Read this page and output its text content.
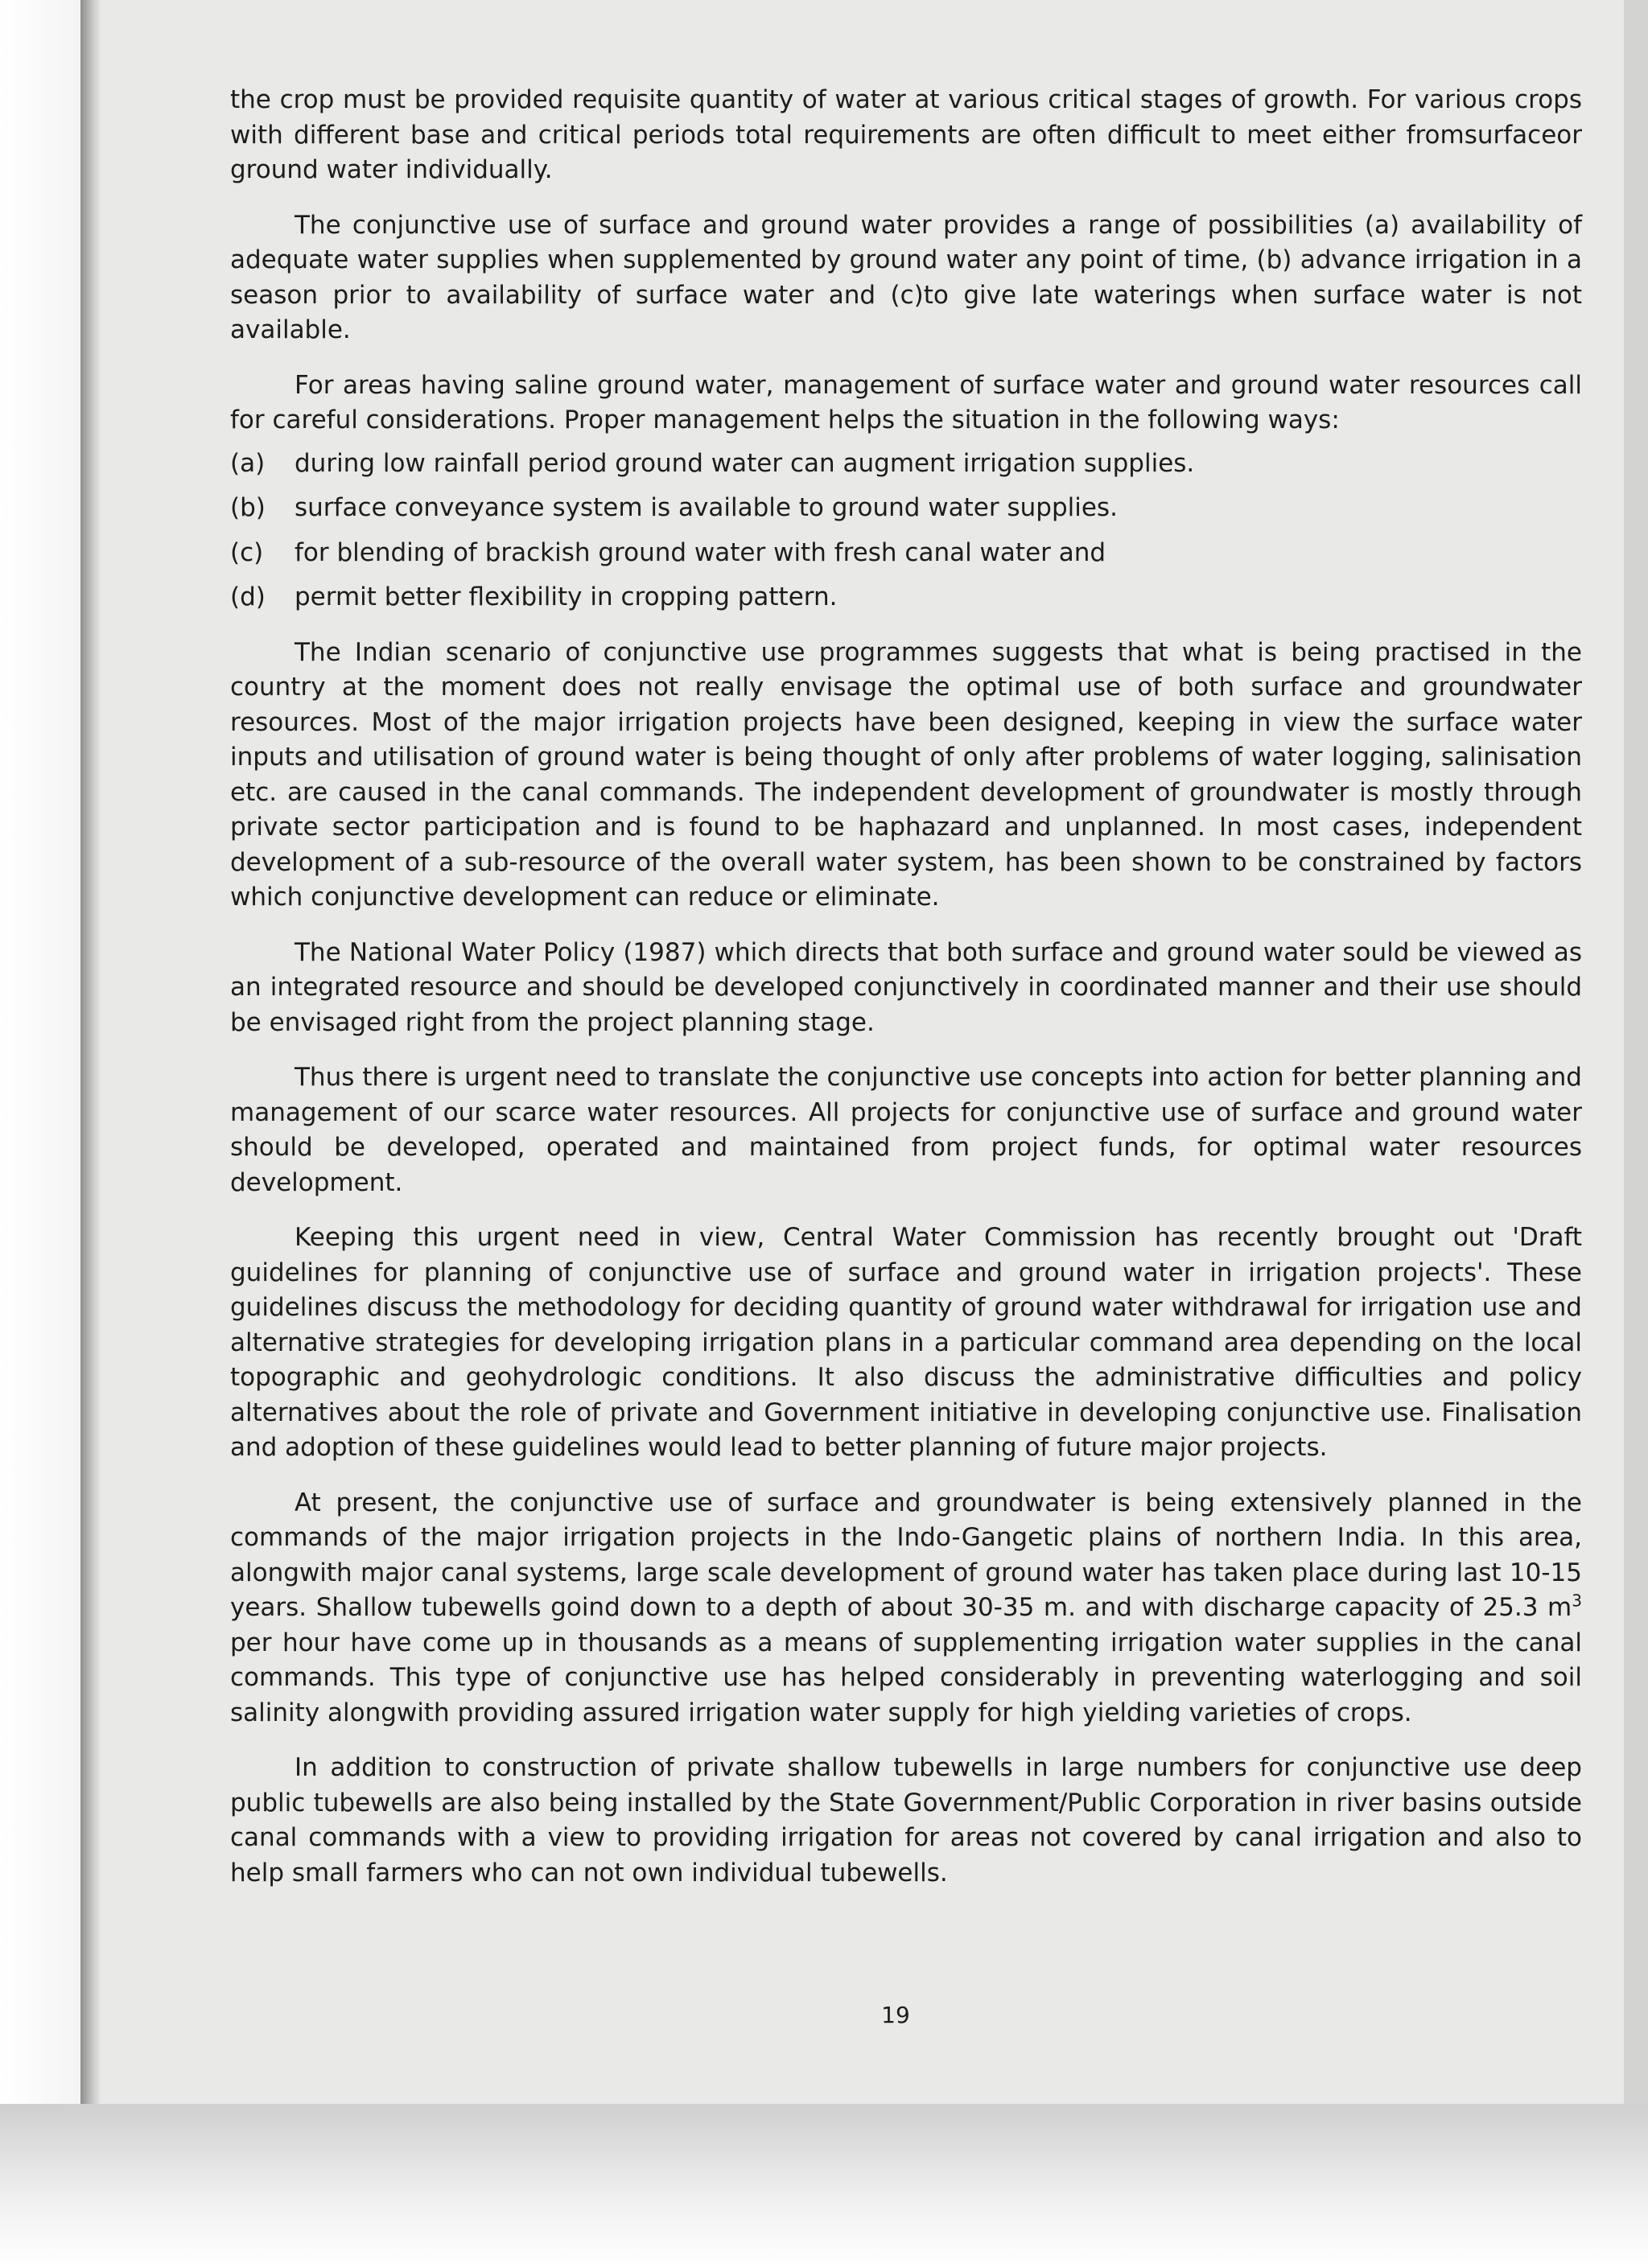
the crop must be provided requisite quantity of water at various critical stages of growth. For various crops with different base and critical periods total requirements are often difficult to meet either fromsurfaceor ground water individually.

The conjunctive use of surface and ground water provides a range of possibilities (a) availability of adequate water supplies when supplemented by ground water any point of time, (b) advance irrigation in a season prior to availability of surface water and (c)to give late waterings when surface water is not available.

For areas having saline ground water, management of surface water and ground water resources call for careful considerations. Proper management helps the situation in the following ways:

(a)	during low rainfall period ground water can augment irrigation supplies.
(b)	surface conveyance system is available to ground water supplies.
(c)	for blending of brackish ground water with fresh canal water and
(d)	permit better flexibility in cropping pattern.

The Indian scenario of conjunctive use programmes suggests that what is being practised in the country at the moment does not really envisage the optimal use of both surface and groundwater resources. Most of the major irrigation projects have been designed, keeping in view the surface water inputs and utilisation of ground water is being thought of only after problems of water logging, salinisation etc. are caused in the canal commands. The independent development of groundwater is mostly through private sector participation and is found to be haphazard and unplanned. In most cases, independent development of a sub-resource of the overall water system, has been shown to be constrained by factors which conjunctive development can reduce or eliminate.

The National Water Policy (1987) which directs that both surface and ground water sould be viewed as an integrated resource and should be developed conjunctively in coordinated manner and their use should be envisaged right from the project planning stage.

Thus there is urgent need to translate the conjunctive use concepts into action for better planning and management of our scarce water resources. All projects for conjunctive use of surface and ground water should be developed, operated and maintained from project funds, for optimal water resources development.

Keeping this urgent need in view, Central Water Commission has recently brought out 'Draft guidelines for planning of conjunctive use of surface and ground water in irrigation projects'. These guidelines discuss the methodology for deciding quantity of ground water withdrawal for irrigation use and alternative strategies for developing irrigation plans in a particular command area depending on the local topographic and geohydrologic conditions. It also discuss the administrative difficulties and policy alternatives about the role of private and Government initiative in developing conjunctive use. Finalisation and adoption of these guidelines would lead to better planning of future major projects.

At present, the conjunctive use of surface and groundwater is being extensively planned in the commands of the major irrigation projects in the Indo-Gangetic plains of northern India. In this area, alongwith major canal systems, large scale development of ground water has taken place during last 10-15 years. Shallow tubewells goind down to a depth of about 30-35 m. and with discharge capacity of 25.3 $m^3$ per hour have come up in thousands as a means of supplementing irrigation water supplies in the canal commands. This type of conjunctive use has helped considerably in preventing waterlogging and soil salinity alongwith providing assured irrigation water supply for high yielding varieties of crops.

In addition to construction of private shallow tubewells in large numbers for conjunctive use deep public tubewells are also being installed by the State Government/Public Corporation in river basins outside canal commands with a view to providing irrigation for areas not covered by canal irrigation and also to help small farmers who can not own individual tubewells.

19
